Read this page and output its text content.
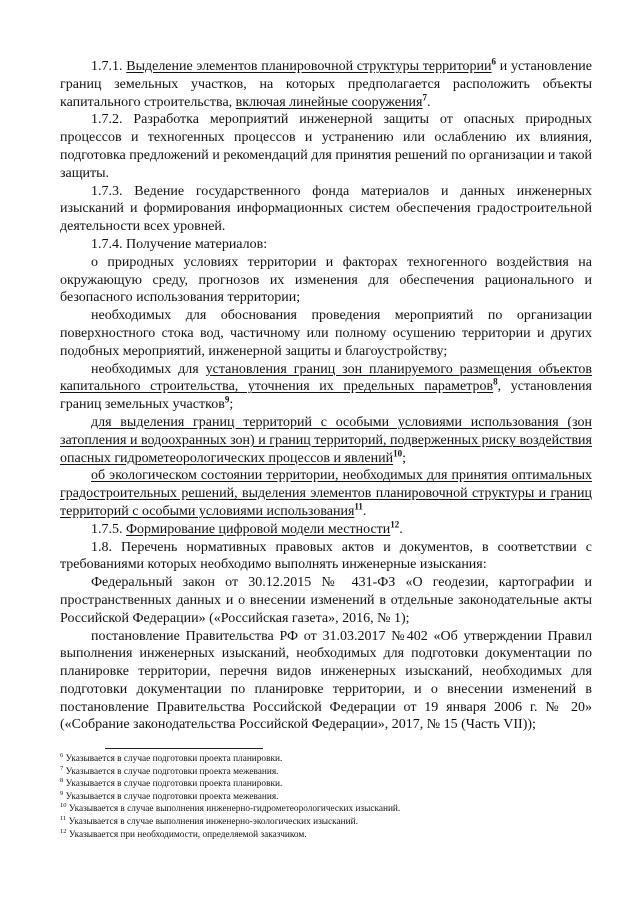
1.7.1. Выделение элементов планировочной структуры территории$^6$ и установление границ земельных участков, на которых предполагается расположить объекты капитального строительства, включая линейные сооружения$^7$.

1.7.2. Разработка мероприятий инженерной защиты от опасных природных процессов и техногенных процессов и устранению или ослаблению их влияния, подготовка предложений и рекомендаций для принятия решений по организации и такой защиты.

1.7.3. Ведение государственного фонда материалов и данных инженерных изысканий и формирования информационных систем обеспечения градостроительной деятельности всех уровней.

1.7.4. Получение материалов:

о природных условиях территории и факторах техногенного воздействия на окружающую среду, прогнозов их изменения для обеспечения рационального и безопасного использования территории;

необходимых для обоснования проведения мероприятий по организации поверхностного стока вод, частичному или полному осушению территории и других подобных мероприятий, инженерной защиты и благоустройству;

необходимых для установления границ зон планируемого размещения объектов капитального строительства, уточнения их предельных параметров$^8$, установления границ земельных участков$^9$;

для выделения границ территорий с особыми условиями использования (зон затопления и водоохранных зон) и границ территорий, подверженных риску воздействия опасных гидрометеорологических процессов и явлений$^{10}$;

об экологическом состоянии территории, необходимых для принятия оптимальных градостроительных решений, выделения элементов планировочной структуры и границ территорий с особыми условиями использования$^{11}$.

1.7.5. Формирование цифровой модели местности$^{12}$.

1.8. Перечень нормативных правовых актов и документов, в соответствии с требованиями которых необходимо выполнять инженерные изыскания:

Федеральный закон от 30.12.2015 № 431-ФЗ «О геодезии, картографии и пространственных данных и о внесении изменений в отдельные законодательные акты Российской Федерации» («Российская газета», 2016, № 1);

постановление Правительства РФ от 31.03.2017 №402 «Об утверждении Правил выполнения инженерных изысканий, необходимых для подготовки документации по планировке территории, перечня видов инженерных изысканий, необходимых для подготовки документации по планировке территории, и о внесении изменений в постановление Правительства Российской Федерации от 19 января 2006 г. № 20» («Собрание законодательства Российской Федерации», 2017, № 15 (Часть VII));

$^6$ Указывается в случае подготовки проекта планировки.

$^7$ Указывается в случае подготовки проекта межевания.

$^8$ Указывается в случае подготовки проекта планировки.

$^9$ Указывается в случае подготовки проекта межевания.

$^{10}$ Указывается в случае выполнения инженерно-гидрометеорологических изысканий.

$^{11}$ Указывается в случае выполнения инженерно-экологических изысканий.

$^{12}$ Указывается при необходимости, определяемой заказчиком.
